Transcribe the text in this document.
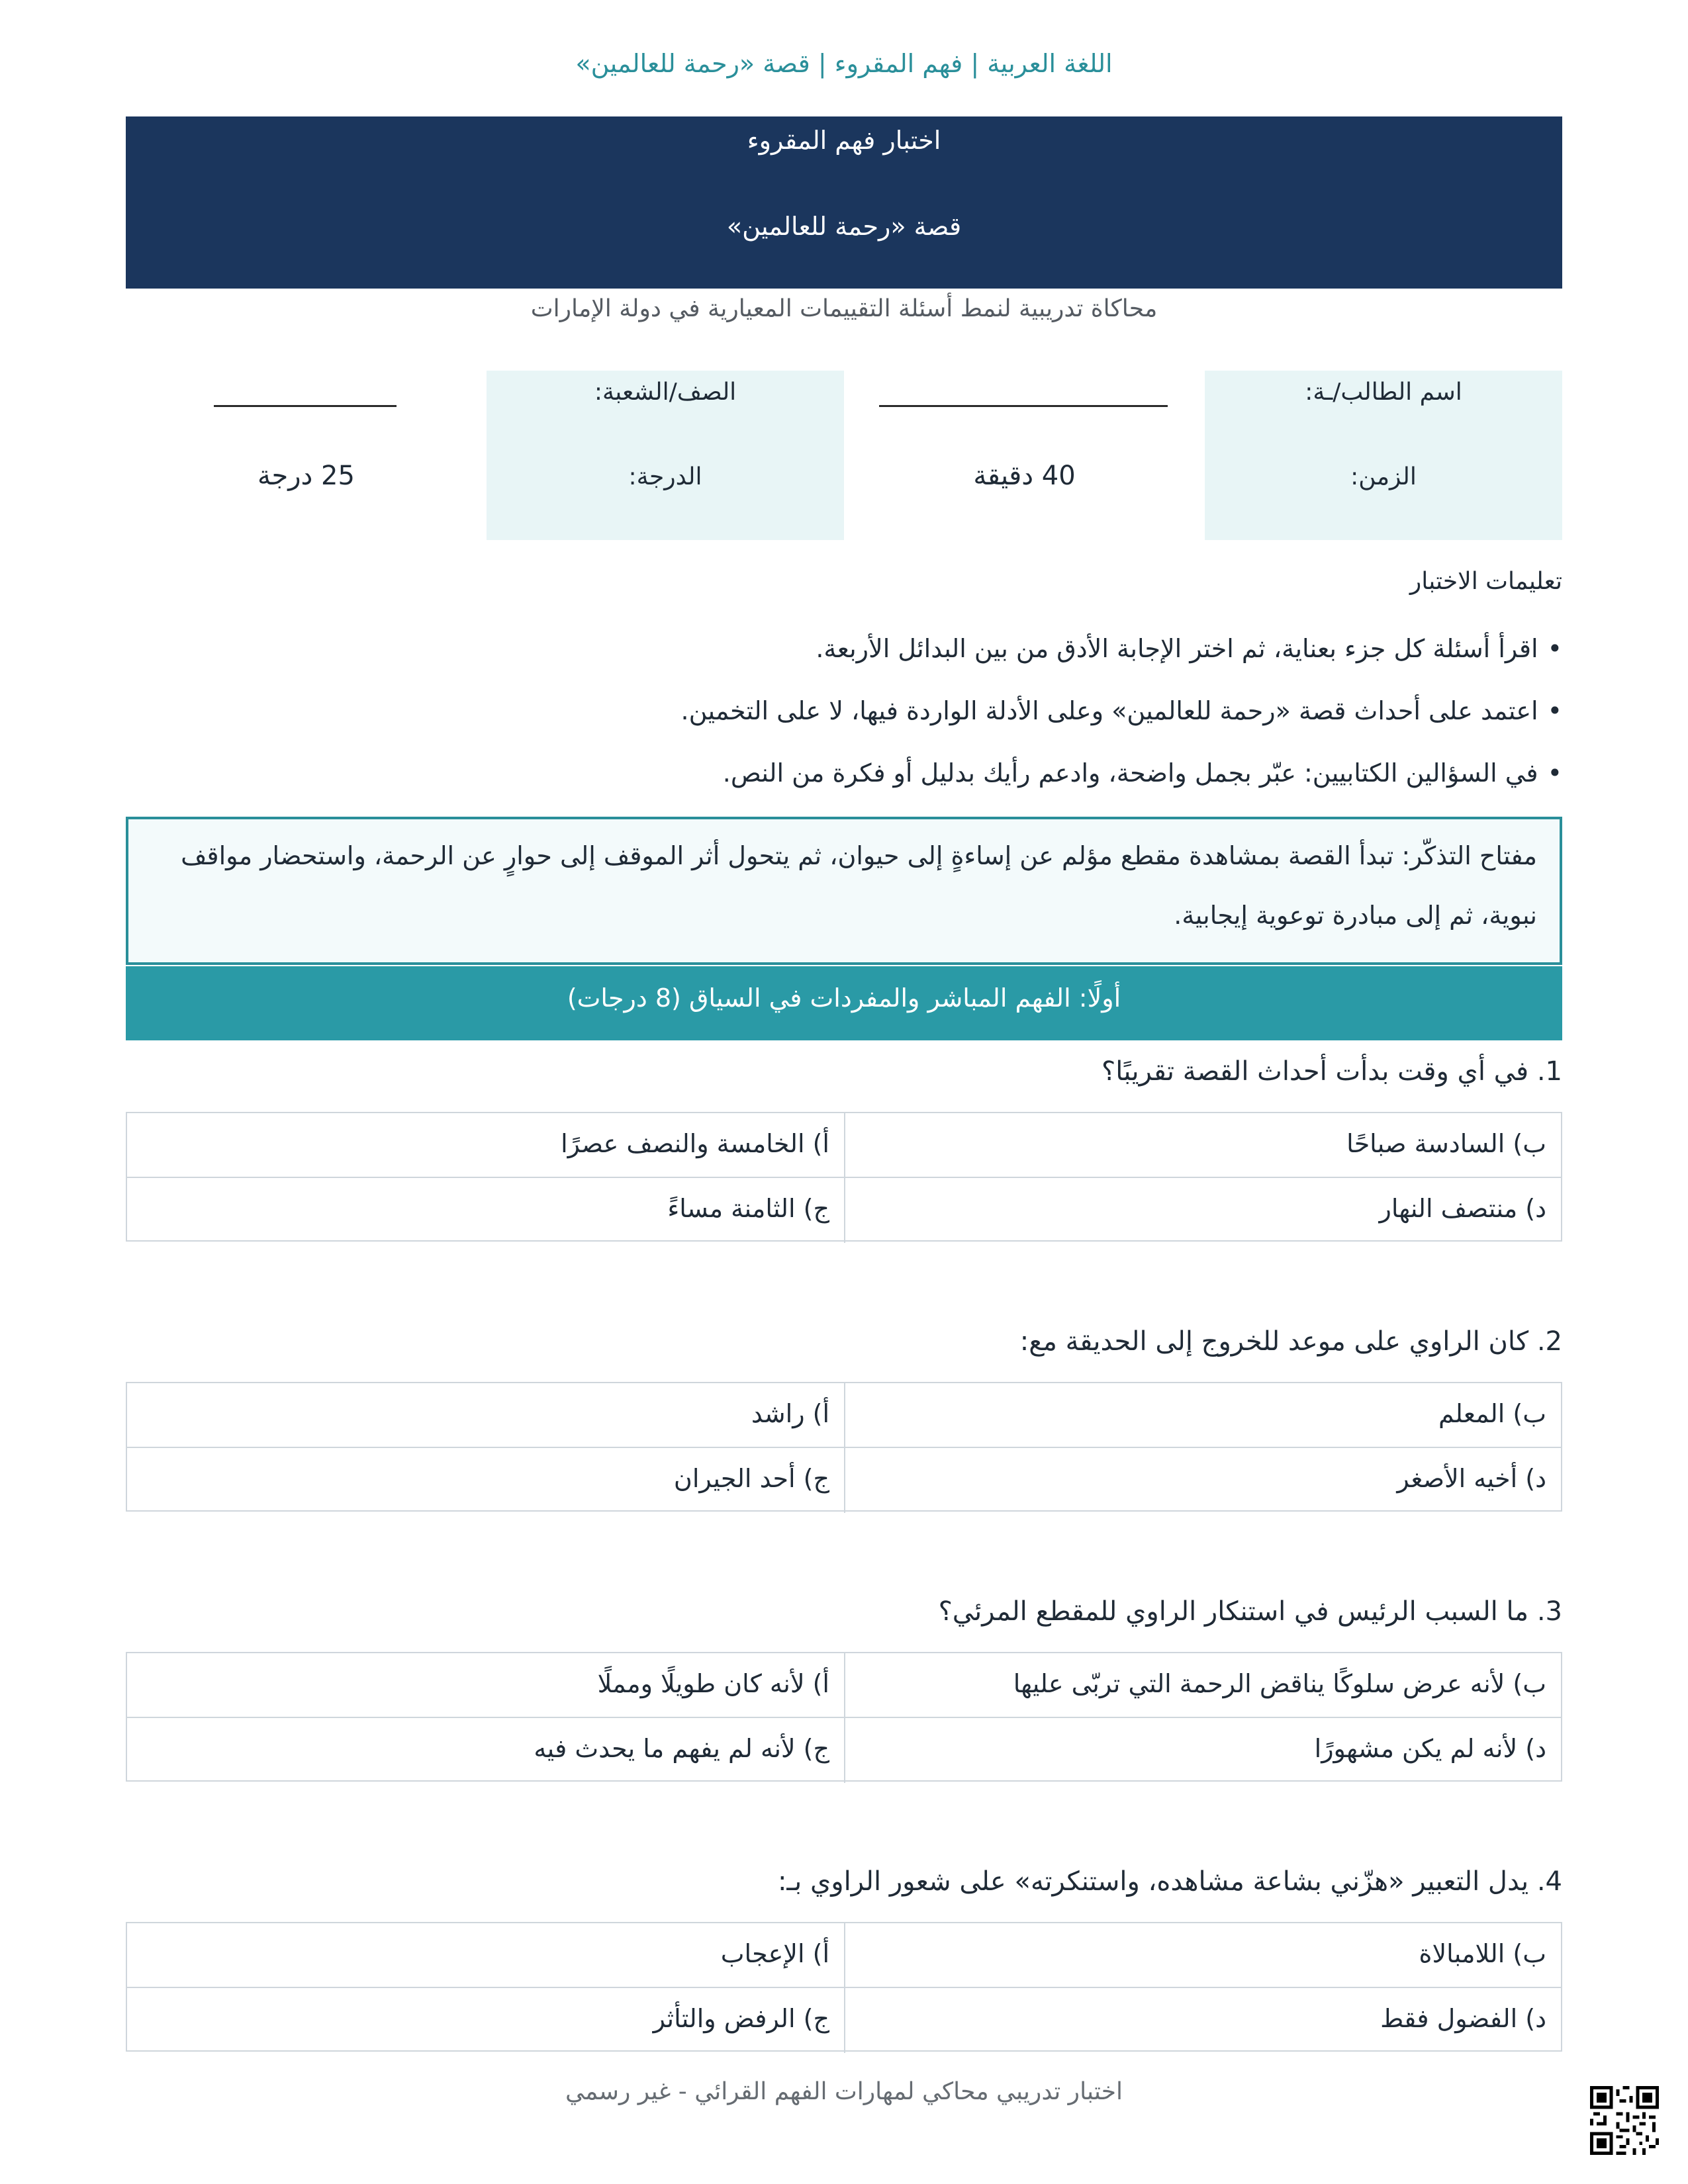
اللغة العربية | فهم المقروء | قصة «رحمة للعالمين»
اختبار فهم المقروء
قصة «رحمة للعالمين»
محاكاة تدريبية لنمط أسئلة التقييمات المعيارية في دولة الإمارات
اسم الطالب/ـة:
الزمن:
40 دقيقة
الصف/الشعبة:
الدرجة:
25 درجة
تعليمات الاختبار
•اقرأ أسئلة كل جزء بعناية، ثم اختر الإجابة الأدق من بين البدائل الأربعة.
•اعتمد على أحداث قصة «رحمة للعالمين» وعلى الأدلة الواردة فيها، لا على التخمين.
•في السؤالين الكتابيين: عبّر بجمل واضحة، وادعم رأيك بدليل أو فكرة من النص.

مفتاح التذكّر: تبدأ القصة بمشاهدة مقطع مؤلم عن إساءةٍ إلى حيوان، ثم يتحول أثر الموقف إلى حوارٍ عن الرحمة، واستحضار مواقف

نبوية، ثم إلى مبادرة توعوية إيجابية.

أولًا: الفهم المباشر والمفردات في السياق (8 درجات)
1. في أي وقت بدأت أحداث القصة تقريبًا؟
ب) السادسة صباحًا
أ) الخامسة والنصف عصرًا
د) منتصف النهار
ج) الثامنة مساءً
2. كان الراوي على موعد للخروج إلى الحديقة مع:
ب) المعلم
أ) راشد
د) أخيه الأصغر
ج) أحد الجيران
3. ما السبب الرئيس في استنكار الراوي للمقطع المرئي؟
ب) لأنه عرض سلوكًا يناقض الرحمة التي تربّى عليها
أ) لأنه كان طويلًا ومملًا
د) لأنه لم يكن مشهورًا
ج) لأنه لم يفهم ما يحدث فيه
4. يدل التعبير «هزّني بشاعة مشاهده، واستنكرته» على شعور الراوي بـ:
ب) اللامبالاة
أ) الإعجاب
د) الفضول فقط
ج) الرفض والتأثر
اختبار تدريبي محاكي لمهارات الفهم القرائي - غير رسمي
